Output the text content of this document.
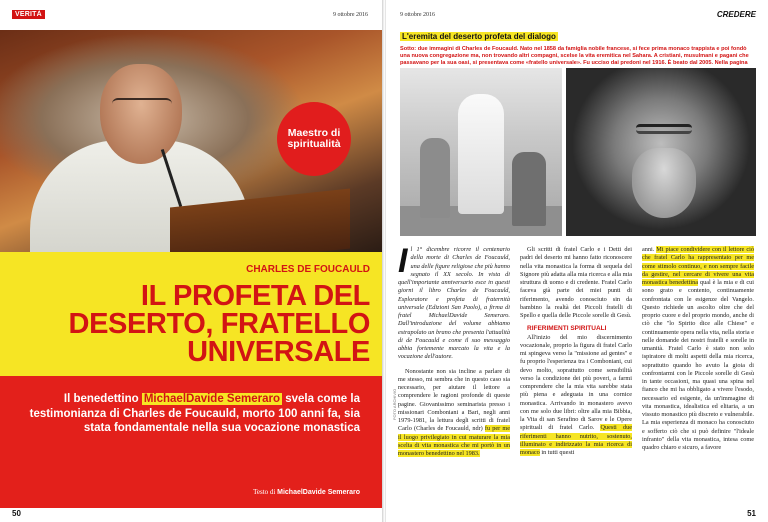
VERITÀ	9 ottobre 2016
Maestro di spiritualità
CHARLES DE FOUCAULD
IL PROFETA DEL
DESERTO, FRATELLO
UNIVERSALE

Il benedettino MichaelDavide Semeraro svela come la testimonianza di Charles de Foucauld, morto 100 anni fa, sia stata fondamentale nella sua vocazione monastica

Testo di MichaelDavide Semeraro

50
9 ottobre 2016	CREDERE
L'eremita del deserto profeta del dialogo

Sotto: due immagini di Charles de Foucauld. Nato nel 1858 da famiglia nobile francese, si fece prima monaco trappista e poi fondò una nuova congregazione ma, non trovando altri compagni, scelse la vita eremitica nel Sahara. A cristiani, musulmani e pagani che passavano per la sua oasi, si presentava come «fratello universale». Fu ucciso dai predoni nel 1916. È beato dal 2005. Nella pagina

Il 1° dicembre ricorre il centenario della morte di Charles de Foucauld, una delle figure religiose che più hanno segnato il XX secolo. In vista di quell'importante anniversario esce in questi giorni il libro Charles de Foucauld, Esploratore e profeta di fraternità universale (Edizioni San Paolo), a firma di fratel MichaelDavide Semeraro. Dall'introduzione del volume abbiamo estrapolato un brano che presenta l'attualità di de Foucauld e come il suo messaggio abbia fortemente marcato la vita e la vocazione dell'autore.

Nonostante non sia incline a parlare di me stesso, mi sembra che in questo caso sia necessario, per aiutare il lettore a comprendere le ragioni profonde di queste pagine. Giovanissimo seminarista presso i missionari Comboniani a Bari, negli anni 1979-1981, la lettura degli scritti di fratel Carlo (Charles de Foucauld, ndr) fu per me il luogo privilegiato in cui maturare la mia scelta di vita monastica che mi portò in un monastero benedettino nel 1983.

Gli scritti di fratel Carlo e i Detti dei padri del deserto mi hanno fatto riconoscere nella vita monastica la forma di sequela del Signore più adatta alla mia ricerca e alla mia struttura di uomo e di credente. Fratel Carlo faceva già parte dei miei punti di riferimento, avendo conosciuto sin da bambino la realtà dei Piccoli fratelli di Spello e quella delle Piccole sorelle di Gesù.

RIFERIMENTI SPIRITUALI

All'inizio del mio discernimento vocazionale, proprio la figura di fratel Carlo mi spingeva verso la "missione ad gentes" e fu proprio l'esperienza tra i Comboniani, cui devo molto, soprattutto come sensibilità verso la condizione dei più poveri, a farmi comprendere che la mia vita sarebbe stata più piena e adeguata in una cornice monastica. Arrivando in monastero avevo con me solo due libri: oltre alla mia Bibbia, la Vita di san Serafino di Sarov e le Opere spirituali di fratel Carlo. Questi due riferimenti hanno nutrito, sostenuto, illuminato e indirizzato la mia ricerca di monaco in tutti questi

anni. Mi piace condividere con il lettore ciò che fratel Carlo ha rappresentato per me come stimolo continuo, e non sempre facile da gestire, nel cercare di vivere una vita monastica benedettina qual è la mia e di cui sono grato e contento, continuamente confrontata con le esigenze del Vangelo. Questo richiede un ascolto oltre che del proprio cuore e del proprio mondo, anche di ciò che "lo Spirito dice alle Chiese" e continuamente opera nella vita, nella storia e nelle domande dei nostri fratelli e sorelle in umanità. Fratel Carlo è stato non solo ispiratore di molti aspetti della mia ricerca, soprattutto quando ho avuto la gioia di confrontarmi con le Piccole sorelle di Gesù in tante occasioni, ma quasi una spina nel fianco che mi ha obbligato a vivere l'esodo, necessario ed esigente, da un'immagine di vita monastica, idealistica ed elitaria, a un vissuto monastico più discreto e vulnerabile. La mia esperienza di monaco ha conosciuto e sofferto ciò che si può definire "l'ideale infranto" della vita monastica, intesa come quadro chiaro e sicuro, a favore

51
FOTO ARCHIVIO
